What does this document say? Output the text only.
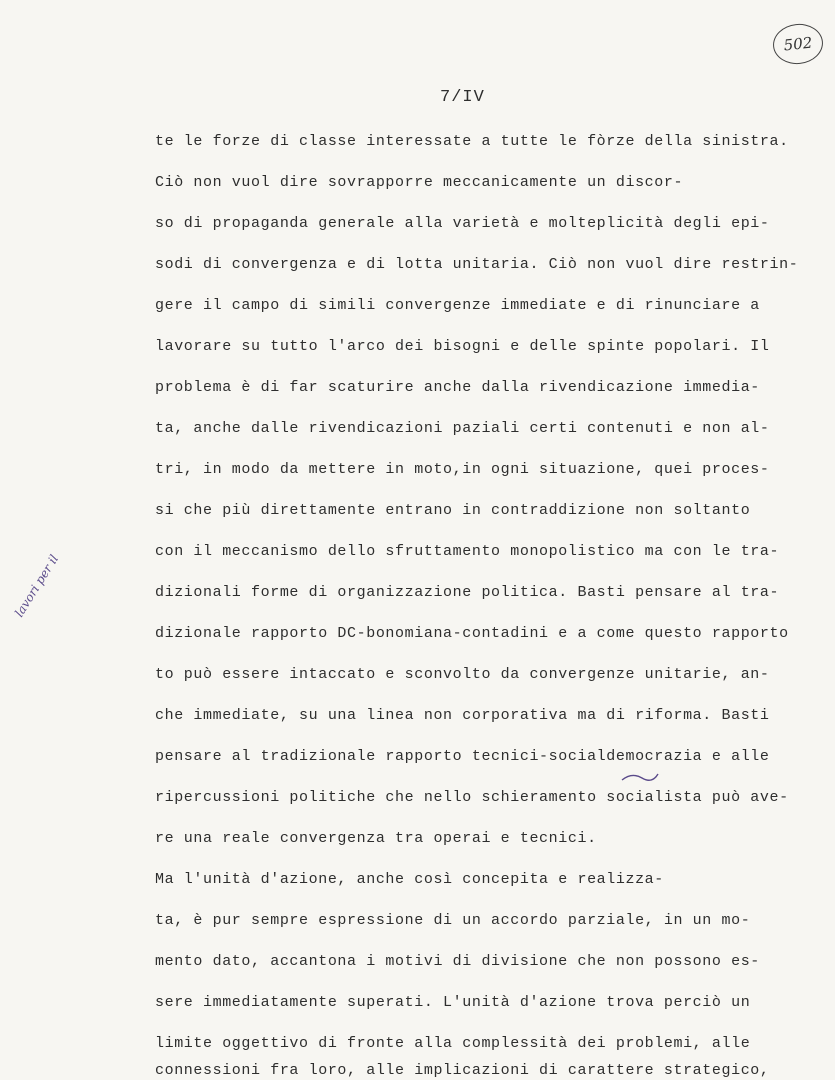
502
7/IV
lavori per il
te le forze di classe interessate a tutte le fòrze della sinistra.
Ciò non vuol dire sovrapporre meccanicamente un discor-
so di propaganda generale alla varietà e molteplicità degli epi-
sodi di convergenza e di lotta unitaria. Ciò non vuol dire restrin-
gere il campo di simili convergenze immediate e di rinunciare a
lavorare su tutto l'arco dei bisogni e delle spinte popolari. Il
problema è di far scaturire anche dalla rivendicazione immedia-
ta, anche dalle rivendicazioni paziali certi contenuti e non al-
tri, in modo da mettere in moto,in ogni situazione, quei proces-
si che più direttamente entrano in contraddizione non soltanto
con il meccanismo dello sfruttamento monopolistico ma con le tra-
dizionali forme di organizzazione politica. Basti pensare al tra-
dizionale rapporto DC-bonomiana-contadini e a come questo rapporto
to può essere intaccato e sconvolto da convergenze unitarie, an-
che immediate, su una linea non corporativa ma di riforma. Basti
pensare al tradizionale rapporto tecnici-socialdemocrazia e alle
ripercussioni politiche che nello schieramento socialista può ave-
re una reale convergenza tra operai e tecnici.
Ma l'unità d'azione, anche così concepita e realizza-
ta, è pur sempre espressione di un accordo parziale, in un mo-
mento dato, accantona i motivi di divisione che non possono es-
sere immediatamente superati. L'unità d'azione trova perciò un
limite oggettivo di fronte alla complessità dei problemi, alle
connessioni fra loro, alle implicazioni di carattere strategico,
